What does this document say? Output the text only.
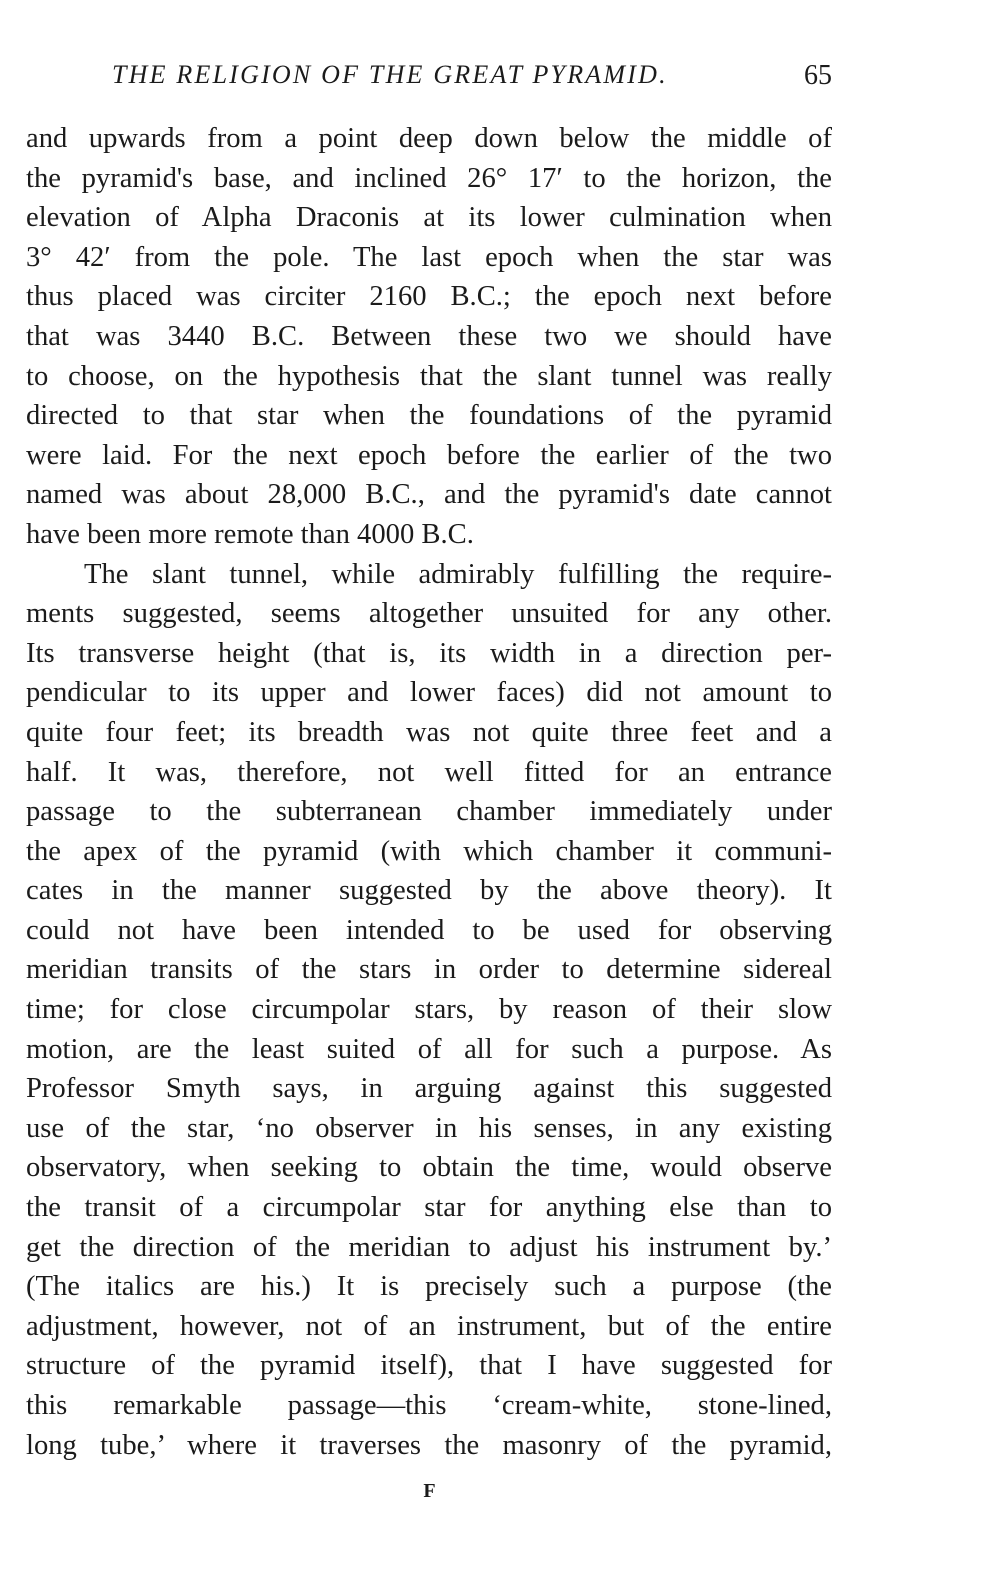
THE RELIGION OF THE GREAT PYRAMID.	65
and upwards from a point deep down below the middle of
the pyramid's base, and inclined 26° 17′ to the horizon, the
elevation of Alpha Draconis at its lower culmination when
3° 42′ from the pole. The last epoch when the star was
thus placed was circiter 2160 B.C.; the epoch next before
that was 3440 B.C. Between these two we should have
to choose, on the hypothesis that the slant tunnel was really
directed to that star when the foundations of the pyramid
were laid. For the next epoch before the earlier of the two
named was about 28,000 B.C., and the pyramid's date cannot
have been more remote than 4000 B.C.
The slant tunnel, while admirably fulfilling the require-
ments suggested, seems altogether unsuited for any other.
Its transverse height (that is, its width in a direction per-
pendicular to its upper and lower faces) did not amount to
quite four feet; its breadth was not quite three feet and a
half. It was, therefore, not well fitted for an entrance
passage to the subterranean chamber immediately under
the apex of the pyramid (with which chamber it communi-
cates in the manner suggested by the above theory). It
could not have been intended to be used for observing
meridian transits of the stars in order to determine sidereal
time; for close circumpolar stars, by reason of their slow
motion, are the least suited of all for such a purpose. As
Professor Smyth says, in arguing against this suggested
use of the star, ‘no observer in his senses, in any existing
observatory, when seeking to obtain the time, would observe
the transit of a circumpolar star for anything else than to
get the direction of the meridian to adjust his instrument by.’
(The italics are his.) It is precisely such a purpose (the
adjustment, however, not of an instrument, but of the entire
structure of the pyramid itself), that I have suggested for
this remarkable passage—this ‘cream-white, stone-lined,
long tube,’ where it traverses the masonry of the pyramid,
F
